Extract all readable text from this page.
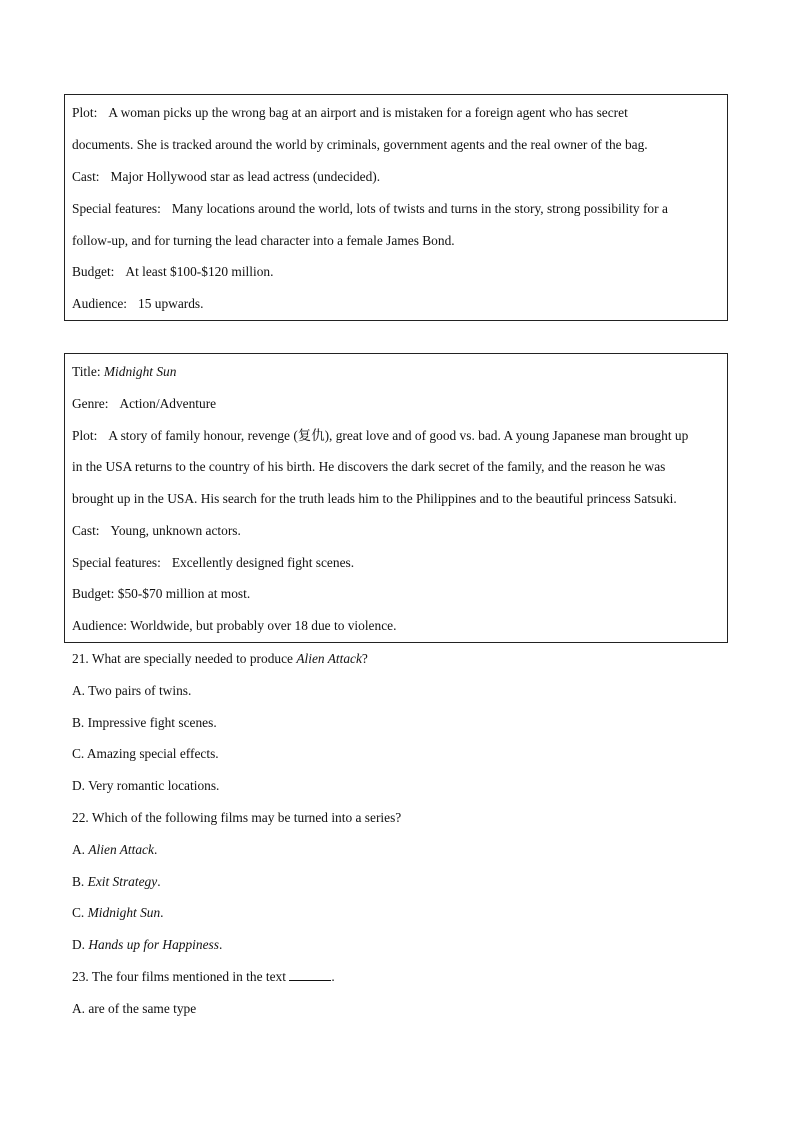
Plot: A woman picks up the wrong bag at an airport and is mistaken for a foreign agent who has secret
documents. She is tracked around the world by criminals, government agents and the real owner of the bag.
Cast: Major Hollywood star as lead actress (undecided).
Special features: Many locations around the world, lots of twists and turns in the story, strong possibility for a
follow-up, and for turning the lead character into a female James Bond.
Budget: At least $100-$120 million.
Audience: 15 upwards.
Title: Midnight Sun
Genre: Action/Adventure
Plot: A story of family honour, revenge (复仇), great love and of good vs. bad. A young Japanese man brought up
in the USA returns to the country of his birth. He discovers the dark secret of the family, and the reason he was
brought up in the USA. His search for the truth leads him to the Philippines and to the beautiful princess Satsuki.
Cast: Young, unknown actors.
Special features: Excellently designed fight scenes.
Budget: $50-$70 million at most.
Audience: Worldwide, but probably over 18 due to violence.
21. What are specially needed to produce Alien Attack?
A. Two pairs of twins.
B. Impressive fight scenes.
C. Amazing special effects.
D. Very romantic locations.
22. Which of the following films may be turned into a series?
A. Alien Attack.
B. Exit Strategy.
C. Midnight Sun.
D. Hands up for Happiness.
23. The four films mentioned in the text	.
A. are of the same type
